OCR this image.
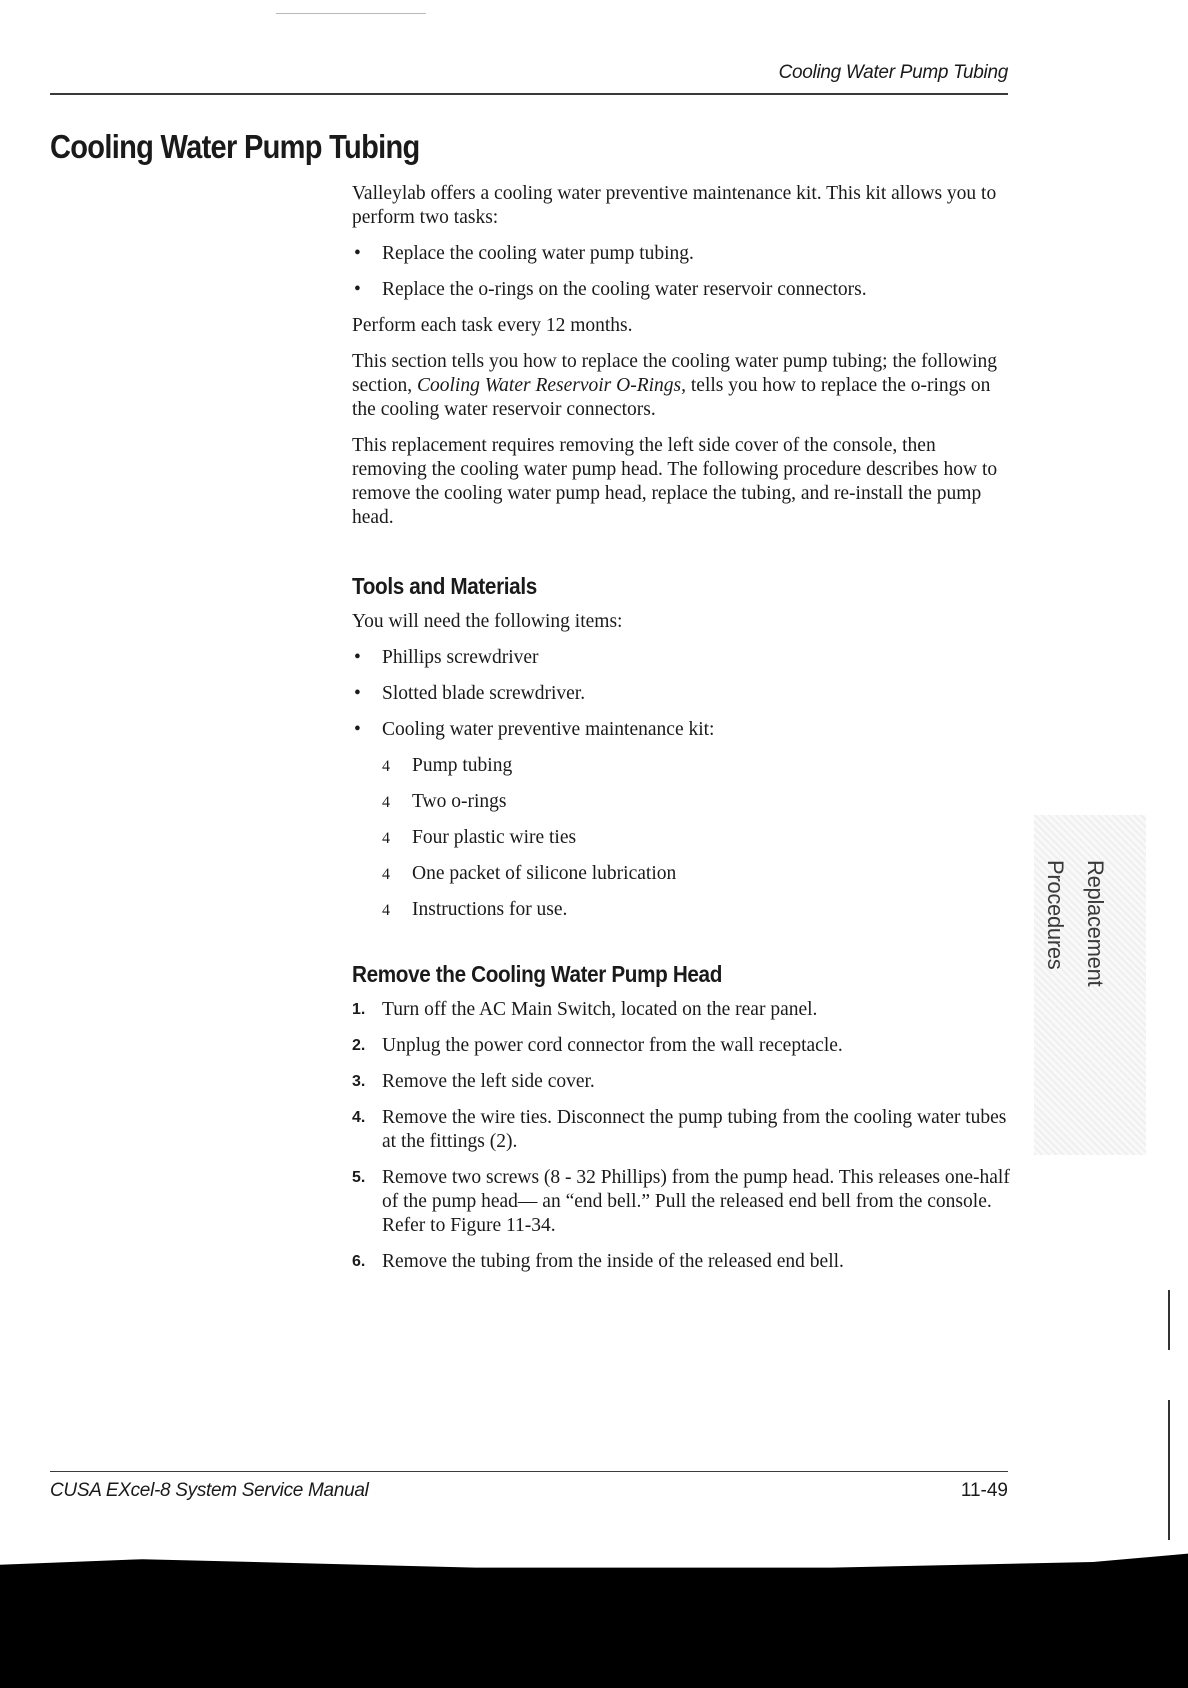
Cooling Water Pump Tubing
Cooling Water Pump Tubing

Valleylab offers a cooling water preventive maintenance kit. This kit allows you to perform two tasks:

• Replace the cooling water pump tubing.
• Replace the o-rings on the cooling water reservoir connectors.

Perform each task every 12 months.

This section tells you how to replace the cooling water pump tubing; the following section, Cooling Water Reservoir O-Rings, tells you how to replace the o-rings on the cooling water reservoir connectors.

This replacement requires removing the left side cover of the console, then removing the cooling water pump head. The following procedure describes how to remove the cooling water pump head, replace the tubing, and re-install the pump head.

Tools and Materials

You will need the following items:

• Phillips screwdriver
• Slotted blade screwdriver.
• Cooling water preventive maintenance kit:
4 Pump tubing
4 Two o-rings
4 Four plastic wire ties
4 One packet of silicone lubrication
4 Instructions for use.
Remove the Cooling Water Pump Head
1. Turn off the AC Main Switch, located on the rear panel.
2. Unplug the power cord connector from the wall receptacle.
3. Remove the left side cover.
4. Remove the wire ties. Disconnect the pump tubing from the cooling water tubes at the fittings (2).
5. Remove two screws (8 - 32 Phillips) from the pump head. This releases one-half of the pump head— an “end bell.” Pull the released end bell from the console. Refer to Figure 11-34.
6. Remove the tubing from the inside of the released end bell.
Replacement Procedures
CUSA EXcel-8 System Service Manual	11-49
